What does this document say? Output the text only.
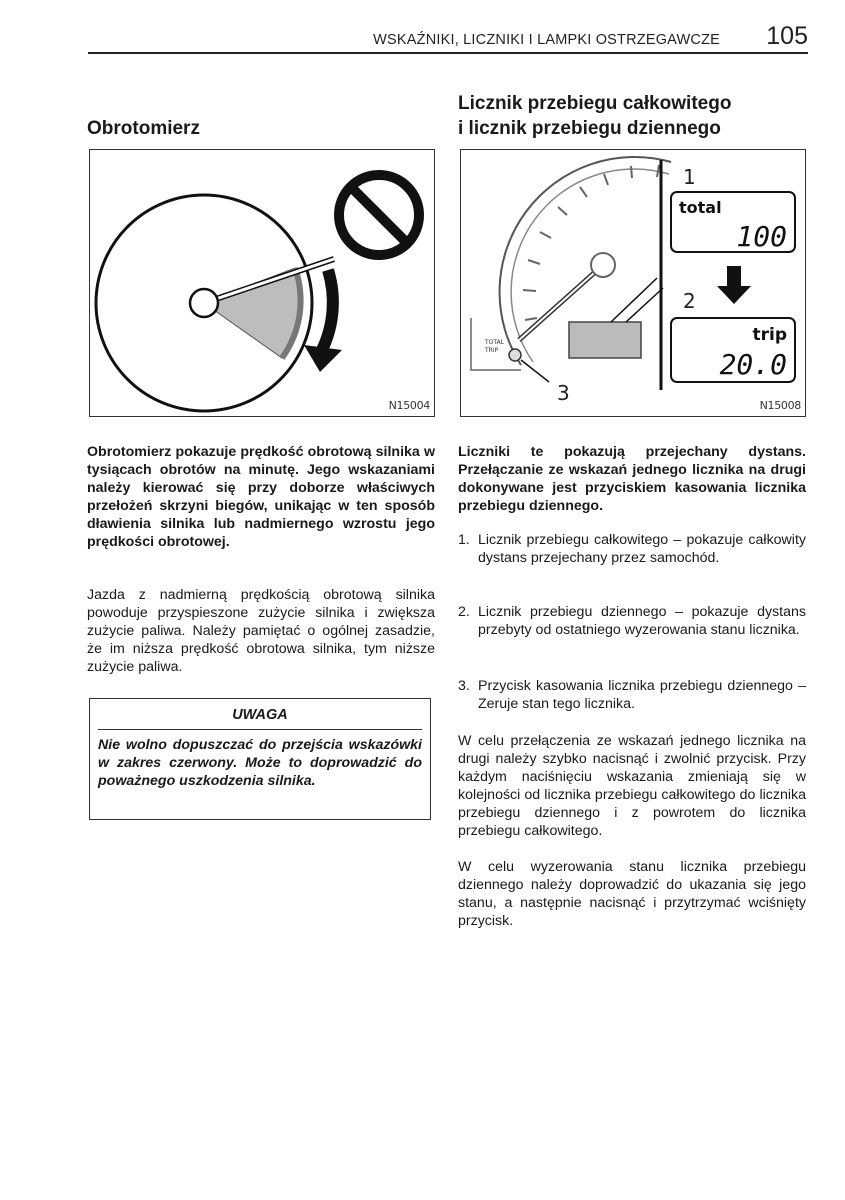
WSKAŹNIKI, LICZNIKI I LAMPKI OSTRZEGAWCZE 105
Obrotomierz
N15004

Obrotomierz pokazuje prędkość obrotową silnika w tysiącach obrotów na minutę. Jego wskazaniami należy kierować się przy doborze właściwych przełożeń skrzyni biegów, unikając w ten sposób dławienia silnika lub nadmiernego wzrostu jego prędkości obrotowej.

Jazda z nadmierną prędkością obrotową silnika powoduje przyspieszone zużycie silnika i zwiększa zużycie paliwa. Należy pamiętać o ogólnej zasadzie, że im niższa prędkość obrotowa silnika, tym niższe zużycie paliwa.

UWAGA
Nie wolno dopuszczać do przejścia wskazówki w zakres czerwony. Może to doprowadzić do poważnego uszkodzenia silnika.
Licznik przebiegu całkowitego
i licznik przebiegu dziennego
TOTAL
TRIP
1
2
3
total
100
trip
20.0
N15008

Liczniki te pokazują przejechany dystans. Przełączanie ze wskazań jednego licznika na drugi dokonywane jest przyciskiem kasowania licznika przebiegu dziennego.

1. Licznik przebiegu całkowitego – pokazuje całkowity dystans przejechany przez samochód.
2. Licznik przebiegu dziennego – pokazuje dystans przebyty od ostatniego wyzerowania stanu licznika.
3. Przycisk kasowania licznika przebiegu dziennego – Zeruje stan tego licznika.

W celu przełączenia ze wskazań jednego licznika na drugi należy szybko nacisnąć i zwolnić przycisk. Przy każdym naciśnięciu wskazania zmieniają się w kolejności od licznika przebiegu całkowitego do licznika przebiegu dziennego i z powrotem do licznika przebiegu całkowitego.

W celu wyzerowania stanu licznika przebiegu dziennego należy doprowadzić do ukazania się jego stanu, a następnie nacisnąć i przytrzymać wciśnięty przycisk.
